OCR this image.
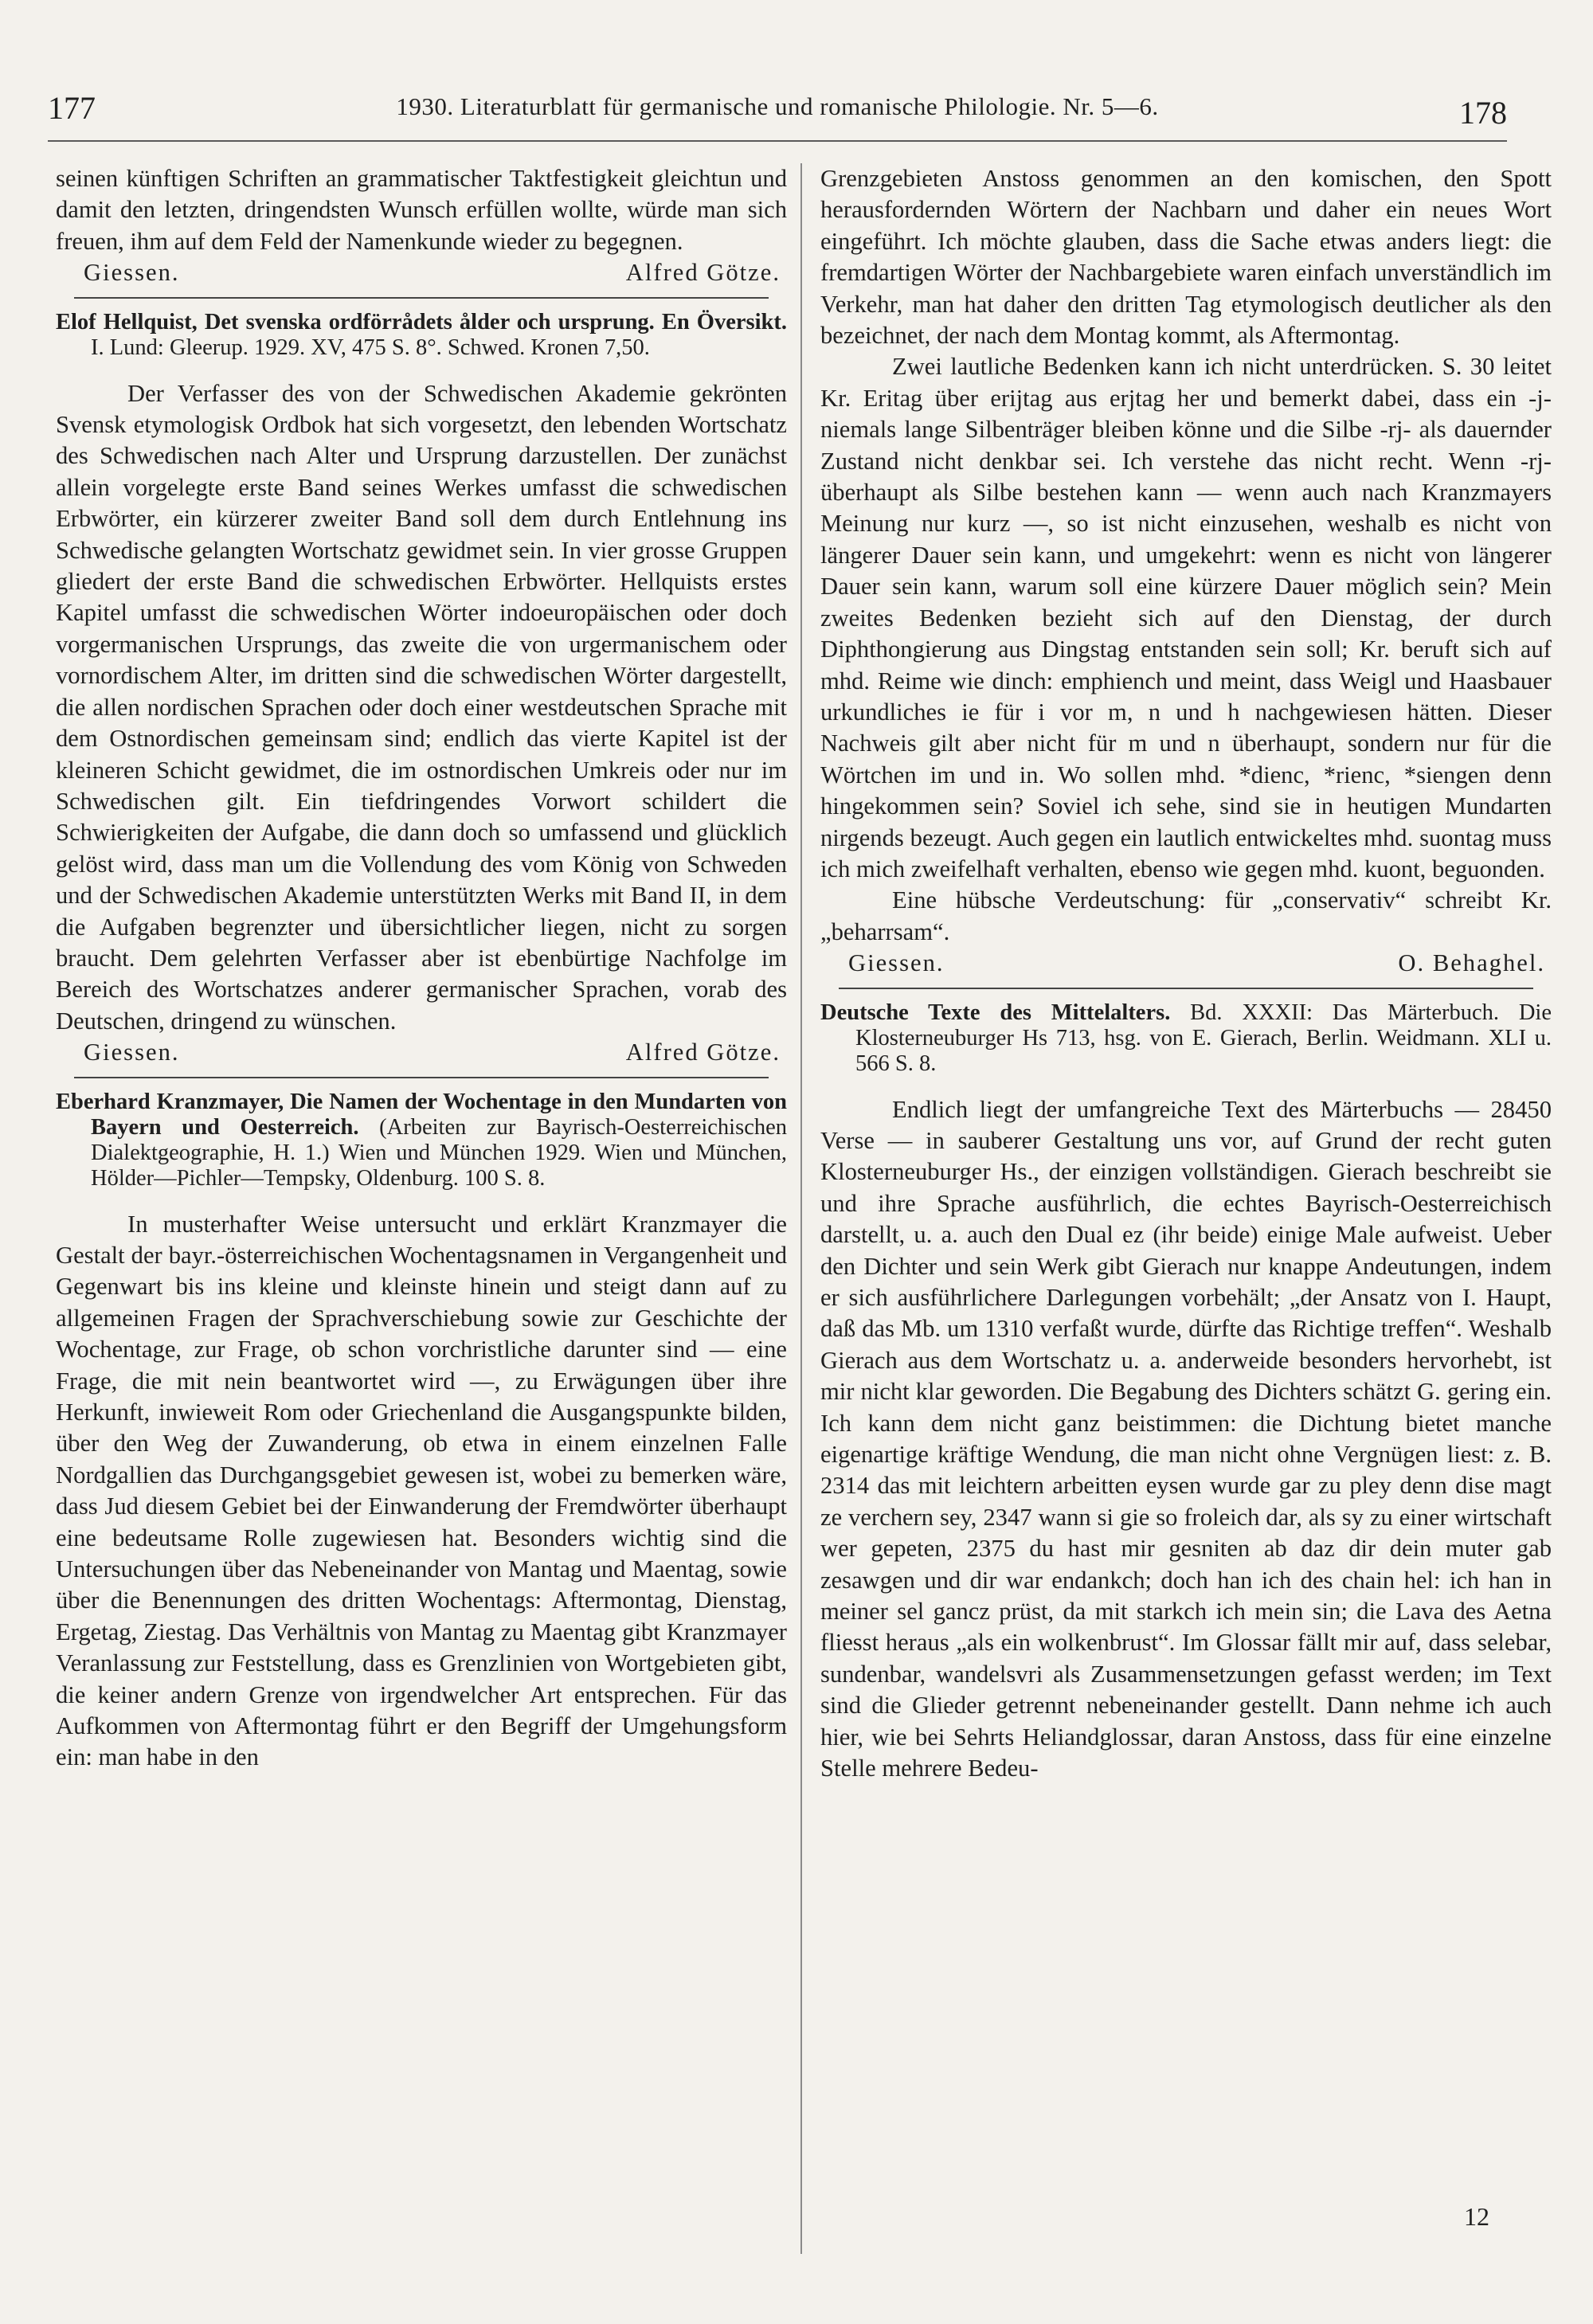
177	1930. Literaturblatt für germanische und romanische Philologie. Nr. 5—6.	178

seinen künftigen Schriften an grammatischer Taktfestigkeit gleichtun und damit den letzten, dringendsten Wunsch erfüllen wollte, würde man sich freuen, ihm auf dem Feld der Namenkunde wieder zu begegnen.

Giessen.	Alfred Götze.

Elof Hellquist, Det svenska ordförrådets ålder och ursprung. En Översikt. I. Lund: Gleerup. 1929. XV, 475 S. 8°. Schwed. Kronen 7,50.

Der Verfasser des von der Schwedischen Akademie gekrönten Svensk etymologisk Ordbok hat sich vorgesetzt, den lebenden Wortschatz des Schwedischen nach Alter und Ursprung darzustellen. Der zunächst allein vorgelegte erste Band seines Werkes umfasst die schwedischen Erbwörter, ein kürzerer zweiter Band soll dem durch Entlehnung ins Schwedische gelangten Wortschatz gewidmet sein. In vier grosse Gruppen gliedert der erste Band die schwedischen Erbwörter. Hellquists erstes Kapitel umfasst die schwedischen Wörter indoeuropäischen oder doch vorgermanischen Ursprungs, das zweite die von urgermanischem oder vornordischem Alter, im dritten sind die schwedischen Wörter dargestellt, die allen nordischen Sprachen oder doch einer westdeutschen Sprache mit dem Ostnordischen gemeinsam sind; endlich das vierte Kapitel ist der kleineren Schicht gewidmet, die im ostnordischen Umkreis oder nur im Schwedischen gilt. Ein tiefdringendes Vorwort schildert die Schwierigkeiten der Aufgabe, die dann doch so umfassend und glücklich gelöst wird, dass man um die Vollendung des vom König von Schweden und der Schwedischen Akademie unterstützten Werks mit Band II, in dem die Aufgaben begrenzter und übersichtlicher liegen, nicht zu sorgen braucht. Dem gelehrten Verfasser aber ist ebenbürtige Nachfolge im Bereich des Wortschatzes anderer germanischer Sprachen, vorab des Deutschen, dringend zu wünschen.

Giessen.	Alfred Götze.

Eberhard Kranzmayer, Die Namen der Wochentage in den Mundarten von Bayern und Oesterreich. (Arbeiten zur Bayrisch-Oesterreichischen Dialektgeographie, H. 1.) Wien und München 1929. Wien und München, Hölder—Pichler—Tempsky, Oldenburg. 100 S. 8.

In musterhafter Weise untersucht und erklärt Kranzmayer die Gestalt der bayr.-österreichischen Wochentagsnamen in Vergangenheit und Gegenwart bis ins kleine und kleinste hinein und steigt dann auf zu allgemeinen Fragen der Sprachverschiebung sowie zur Geschichte der Wochentage, zur Frage, ob schon vorchristliche darunter sind — eine Frage, die mit nein beantwortet wird —, zu Erwägungen über ihre Herkunft, inwieweit Rom oder Griechenland die Ausgangspunkte bilden, über den Weg der Zuwanderung, ob etwa in einem einzelnen Falle Nordgallien das Durchgangsgebiet gewesen ist, wobei zu bemerken wäre, dass Jud diesem Gebiet bei der Einwanderung der Fremdwörter überhaupt eine bedeutsame Rolle zugewiesen hat. Besonders wichtig sind die Untersuchungen über das Nebeneinander von Mantag und Maentag, sowie über die Benennungen des dritten Wochentags: Aftermontag, Dienstag, Ergetag, Ziestag. Das Verhältnis von Mantag zu Maentag gibt Kranzmayer Veranlassung zur Feststellung, dass es Grenzlinien von Wortgebieten gibt, die keiner andern Grenze von irgendwelcher Art entsprechen. Für das Aufkommen von Aftermontag führt er den Begriff der Umgehungsform ein: man habe in den

Grenzgebieten Anstoss genommen an den komischen, den Spott herausfordernden Wörtern der Nachbarn und daher ein neues Wort eingeführt. Ich möchte glauben, dass die Sache etwas anders liegt: die fremdartigen Wörter der Nachbargebiete waren einfach unverständlich im Verkehr, man hat daher den dritten Tag etymologisch deutlicher als den bezeichnet, der nach dem Montag kommt, als Aftermontag.

Zwei lautliche Bedenken kann ich nicht unterdrücken. S. 30 leitet Kr. Eritag über erijtag aus erjtag her und bemerkt dabei, dass ein -j- niemals lange Silbenträger bleiben könne und die Silbe -rj- als dauernder Zustand nicht denkbar sei. Ich verstehe das nicht recht. Wenn -rj- überhaupt als Silbe bestehen kann — wenn auch nach Kranzmayers Meinung nur kurz —, so ist nicht einzusehen, weshalb es nicht von längerer Dauer sein kann, und umgekehrt: wenn es nicht von längerer Dauer sein kann, warum soll eine kürzere Dauer möglich sein? Mein zweites Bedenken bezieht sich auf den Dienstag, der durch Diphthongierung aus Dingstag entstanden sein soll; Kr. beruft sich auf mhd. Reime wie dinch: emphiench und meint, dass Weigl und Haasbauer urkundliches ie für i vor m, n und h nachgewiesen hätten. Dieser Nachweis gilt aber nicht für m und n überhaupt, sondern nur für die Wörtchen im und in. Wo sollen mhd. *dienc, *rienc, *siengen denn hingekommen sein? Soviel ich sehe, sind sie in heutigen Mundarten nirgends bezeugt. Auch gegen ein lautlich entwickeltes mhd. suontag muss ich mich zweifelhaft verhalten, ebenso wie gegen mhd. kuont, beguonden.

Eine hübsche Verdeutschung: für „conservativ“ schreibt Kr. „beharrsam“.

Giessen.	O. Behaghel.

Deutsche Texte des Mittelalters. Bd. XXXII: Das Märterbuch. Die Klosterneuburger Hs 713, hsg. von E. Gierach, Berlin. Weidmann. XLI u. 566 S. 8.

Endlich liegt der umfangreiche Text des Märterbuchs — 28450 Verse — in sauberer Gestaltung uns vor, auf Grund der recht guten Klosterneuburger Hs., der einzigen vollständigen. Gierach beschreibt sie und ihre Sprache ausführlich, die echtes Bayrisch-Oesterreichisch darstellt, u. a. auch den Dual ez (ihr beide) einige Male aufweist. Ueber den Dichter und sein Werk gibt Gierach nur knappe Andeutungen, indem er sich ausführlichere Darlegungen vorbehält; „der Ansatz von I. Haupt, daß das Mb. um 1310 verfaßt wurde, dürfte das Richtige treffen“. Weshalb Gierach aus dem Wortschatz u. a. anderweide besonders hervorhebt, ist mir nicht klar geworden. Die Begabung des Dichters schätzt G. gering ein. Ich kann dem nicht ganz beistimmen: die Dichtung bietet manche eigenartige kräftige Wendung, die man nicht ohne Vergnügen liest: z. B. 2314 das mit leichtern arbeitten eysen wurde gar zu pley denn dise magt ze verchern sey, 2347 wann si gie so froleich dar, als sy zu einer wirtschaft wer gepeten, 2375 du hast mir gesniten ab daz dir dein muter gab zesawgen und dir war endankch; doch han ich des chain hel: ich han in meiner sel gancz prüst, da mit starkch ich mein sin; die Lava des Aetna fliesst heraus „als ein wolkenbrust“. Im Glossar fällt mir auf, dass selebar, sundenbar, wandelsvri als Zusammensetzungen gefasst werden; im Text sind die Glieder getrennt nebeneinander gestellt. Dann nehme ich auch hier, wie bei Sehrts Heliandglossar, daran Anstoss, dass für eine einzelne Stelle mehrere Bedeu-

12
